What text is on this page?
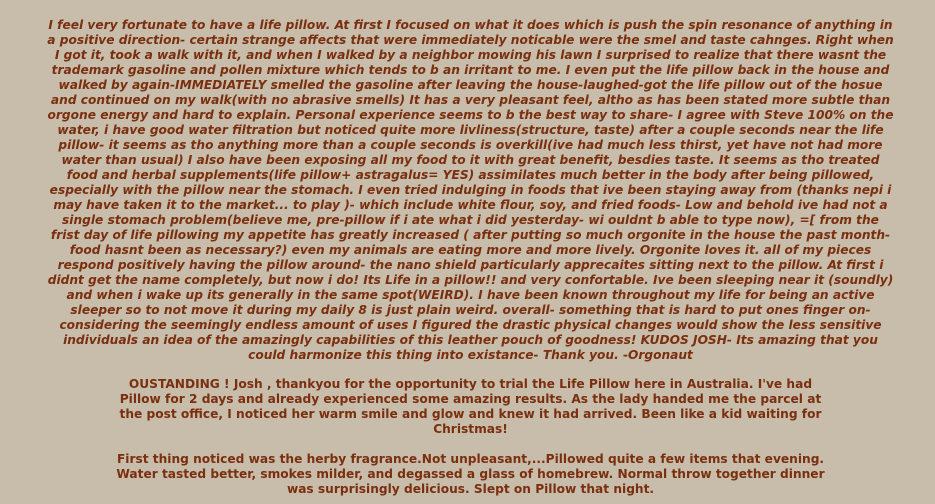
I feel very fortunate to have a life pillow. At first I focused on what it does which is push the spin resonance of anything in a positive direction- certain strange affects that were immediately noticable were the smel and taste cahnges. Right when I got it, took a walk with it, and when I walked by a neighbor mowing his lawn I surprised to realize that there wasnt the trademark gasoline and pollen mixture which tends to b an irritant to me. I even put the life pillow back in the house and walked by again-IMMEDIATELY smelled the gasoline after leaving the house-laughed-got the life pillow out of the hosue and continued on my walk(with no abrasive smells) It has a very pleasant feel, altho as has been stated more subtle than orgone energy and hard to explain. Personal experience seems to b the best way to share- I agree with Steve 100% on the water, i have good water filtration but noticed quite more livliness(structure, taste) after a couple seconds near the life pillow- it seems as tho anything more than a couple seconds is overkill(ive had much less thirst, yet have not had more water than usual) I also have been exposing all my food to it with great benefit, besdies taste. It seems as tho treated food and herbal supplements(life pillow+ astragalus= YES) assimilates much better in the body after being pillowed, especially with the pillow near the stomach. I even tried indulging in foods that ive been staying away from (thanks nepi i may have taken it to the market... to play )- which include white flour, soy, and fried foods- Low and behold ive had not a single stomach problem(believe me, pre-pillow if i ate what i did yesterday- wi ouldnt b able to type now), =[ from the frist day of life pillowing my appetite has greatly increased ( after putting so much orgonite in the house the past month- food hasnt been as necessary?) even my animals are eating more and more lively. Orgonite loves it. all of my pieces respond positively having the pillow around- the nano shield particularly apprecaites sitting next to the pillow. At first i didnt get the name completely, but now i do! Its Life in a pillow!! and very confortable. Ive been sleeping near it (soundly) and when i wake up its generally in the same spot(WEIRD). I have been known throughout my life for being an active sleeper so to not move it during my daily 8 is just plain weird. overall- something that is hard to put ones finger on- considering the seemingly endless amount of uses I figured the drastic physical changes would show the less sensitive individuals an idea of the amazingly capabilities of this leather pouch of goodness! KUDOS JOSH- Its amazing that you could harmonize this thing into existance- Thank you. -Orgonaut

OUSTANDING ! Josh , thankyou for the opportunity to trial the Life Pillow here in Australia. I've had Pillow for 2 days and already experienced some amazing results. As the lady handed me the parcel at the post office, I noticed her warm smile and glow and knew it had arrived. Been like a kid waiting for Christmas!

First thing noticed was the herby fragrance.Not unpleasant,...Pillowed quite a few items that evening. Water tasted better, smokes milder, and degassed a glass of homebrew. Normal throw together dinner was surprisingly delicious. Slept on Pillow that night.
